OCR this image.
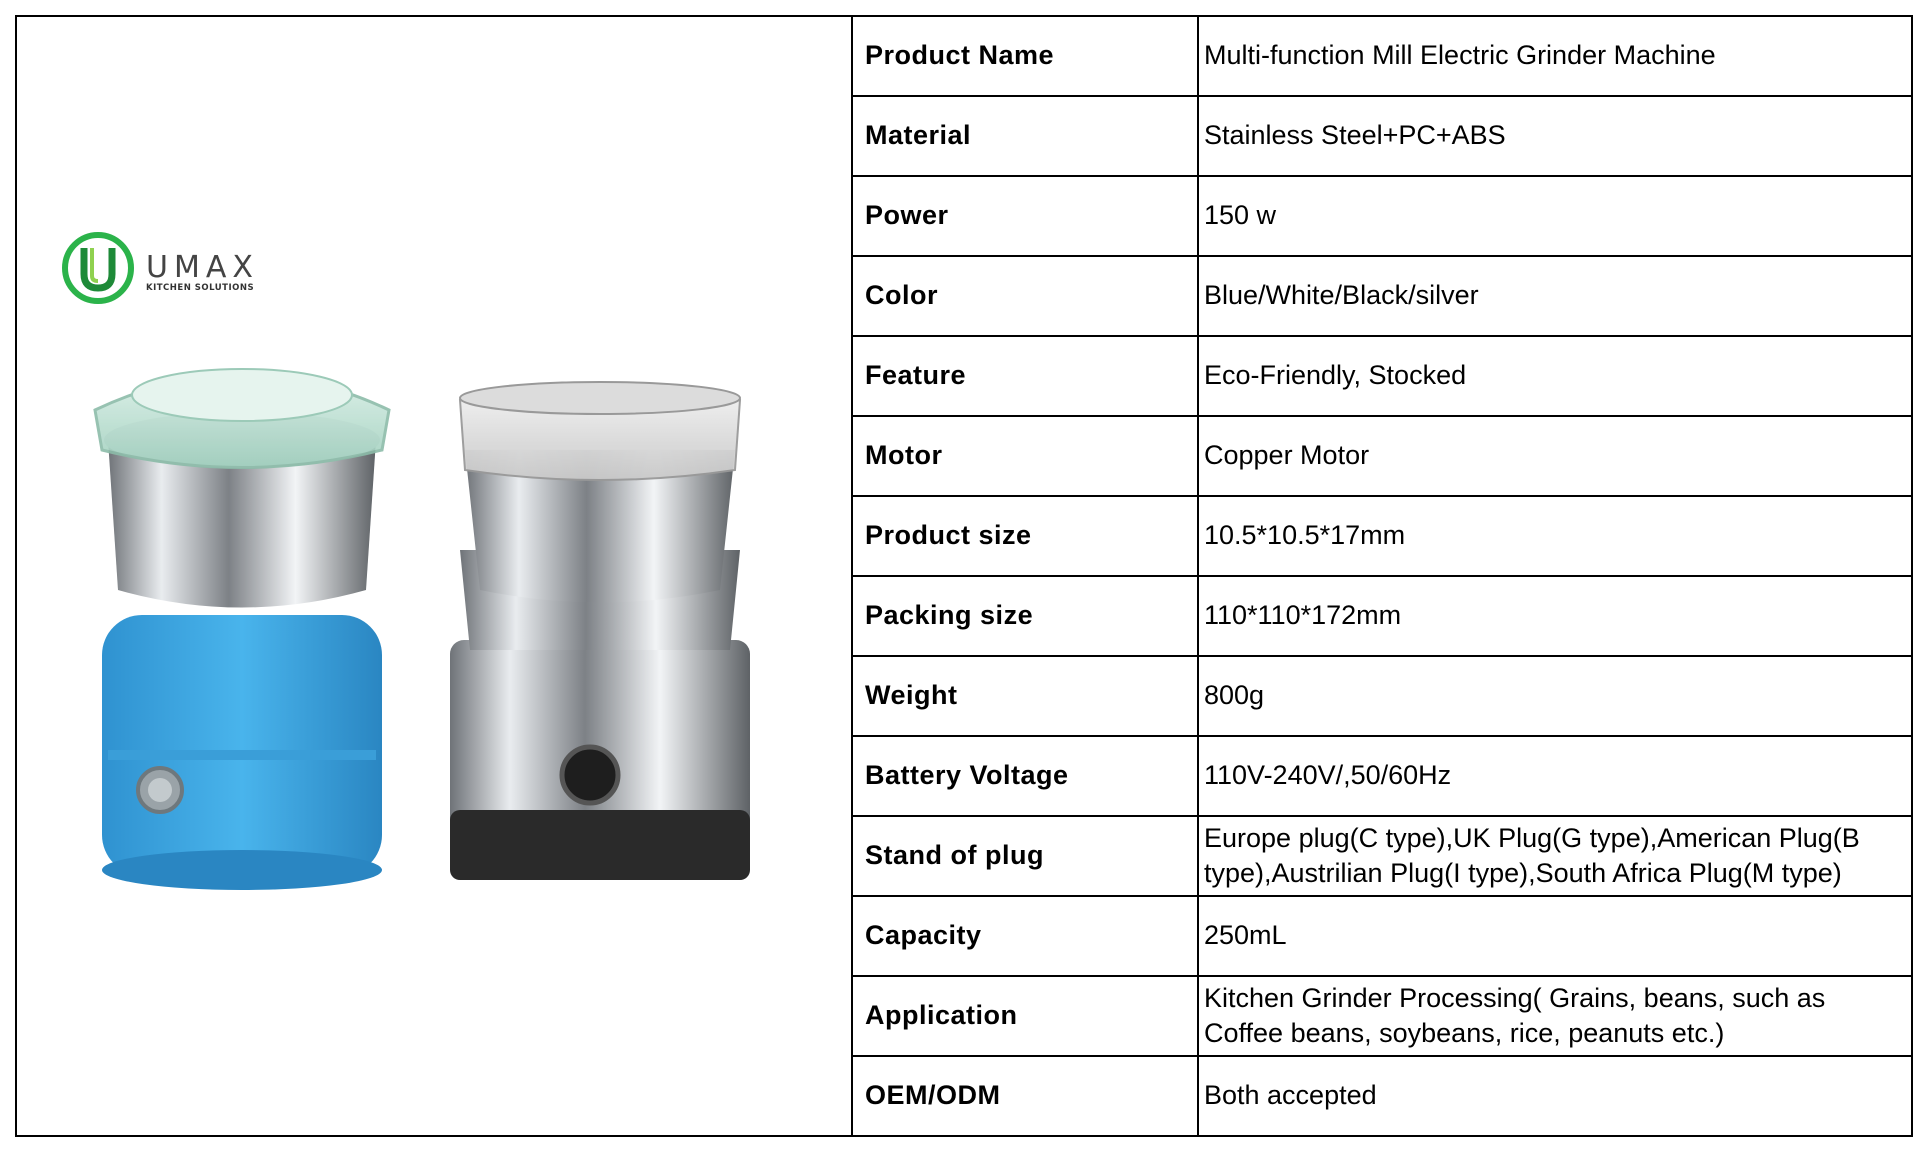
UMAX
KITCHEN SOLUTIONS
Product Name	Multi-function Mill Electric Grinder Machine
Material	Stainless Steel+PC+ABS
Power	150 w
Color	Blue/White/Black/silver
Feature	Eco-Friendly, Stocked
Motor	Copper Motor
Product size	10.5*10.5*17mm
Packing size	110*110*172mm
Weight	800g
Battery Voltage	110V-240V/,50/60Hz
Stand of plug	Europe plug(C type),UK Plug(G type),American Plug(B type),Austrilian Plug(I type),South Africa Plug(M type)
Capacity	250mL
Application	Kitchen Grinder Processing( Grains, beans, such as Coffee beans, soybeans, rice, peanuts etc.)
OEM/ODM	Both accepted
